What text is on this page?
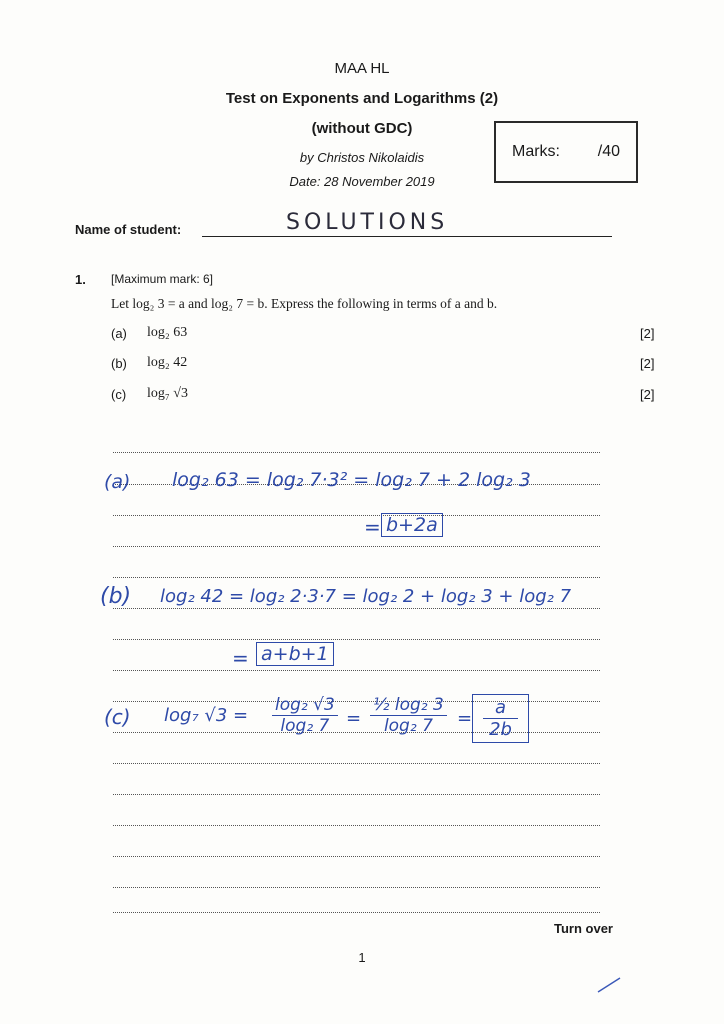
MAA HL
Test on Exponents and Logarithms (2)
(without GDC)
by Christos Nikolaidis
Date: 28 November 2019
Marks: /40
Name of student:	SOLUTIONS
1. [Maximum mark: 6]
Let log₂ 3 = a and log₂ 7 = b. Express the following in terms of a and b.
(a) log₂ 63	[2]
(b) log₂ 42	[2]
(c) log₇ √3	[2]
(a) log₂ 63 = log₂ 7·3² = log₂ 7 + 2 log₂ 3
= b+2a
(b) log₂ 42 = log₂ 2·3·7 = log₂ 2 + log₂ 3 + log₂ 7
= a+b+1
(c) log₇ $√3 = \frac{\text{log₂ √3}}{\text{log₂ 7}} = \frac{\text{½ log₂ 3}}{\text{log₂ 7}} = \frac{a}{2b}$
Turn over
1
